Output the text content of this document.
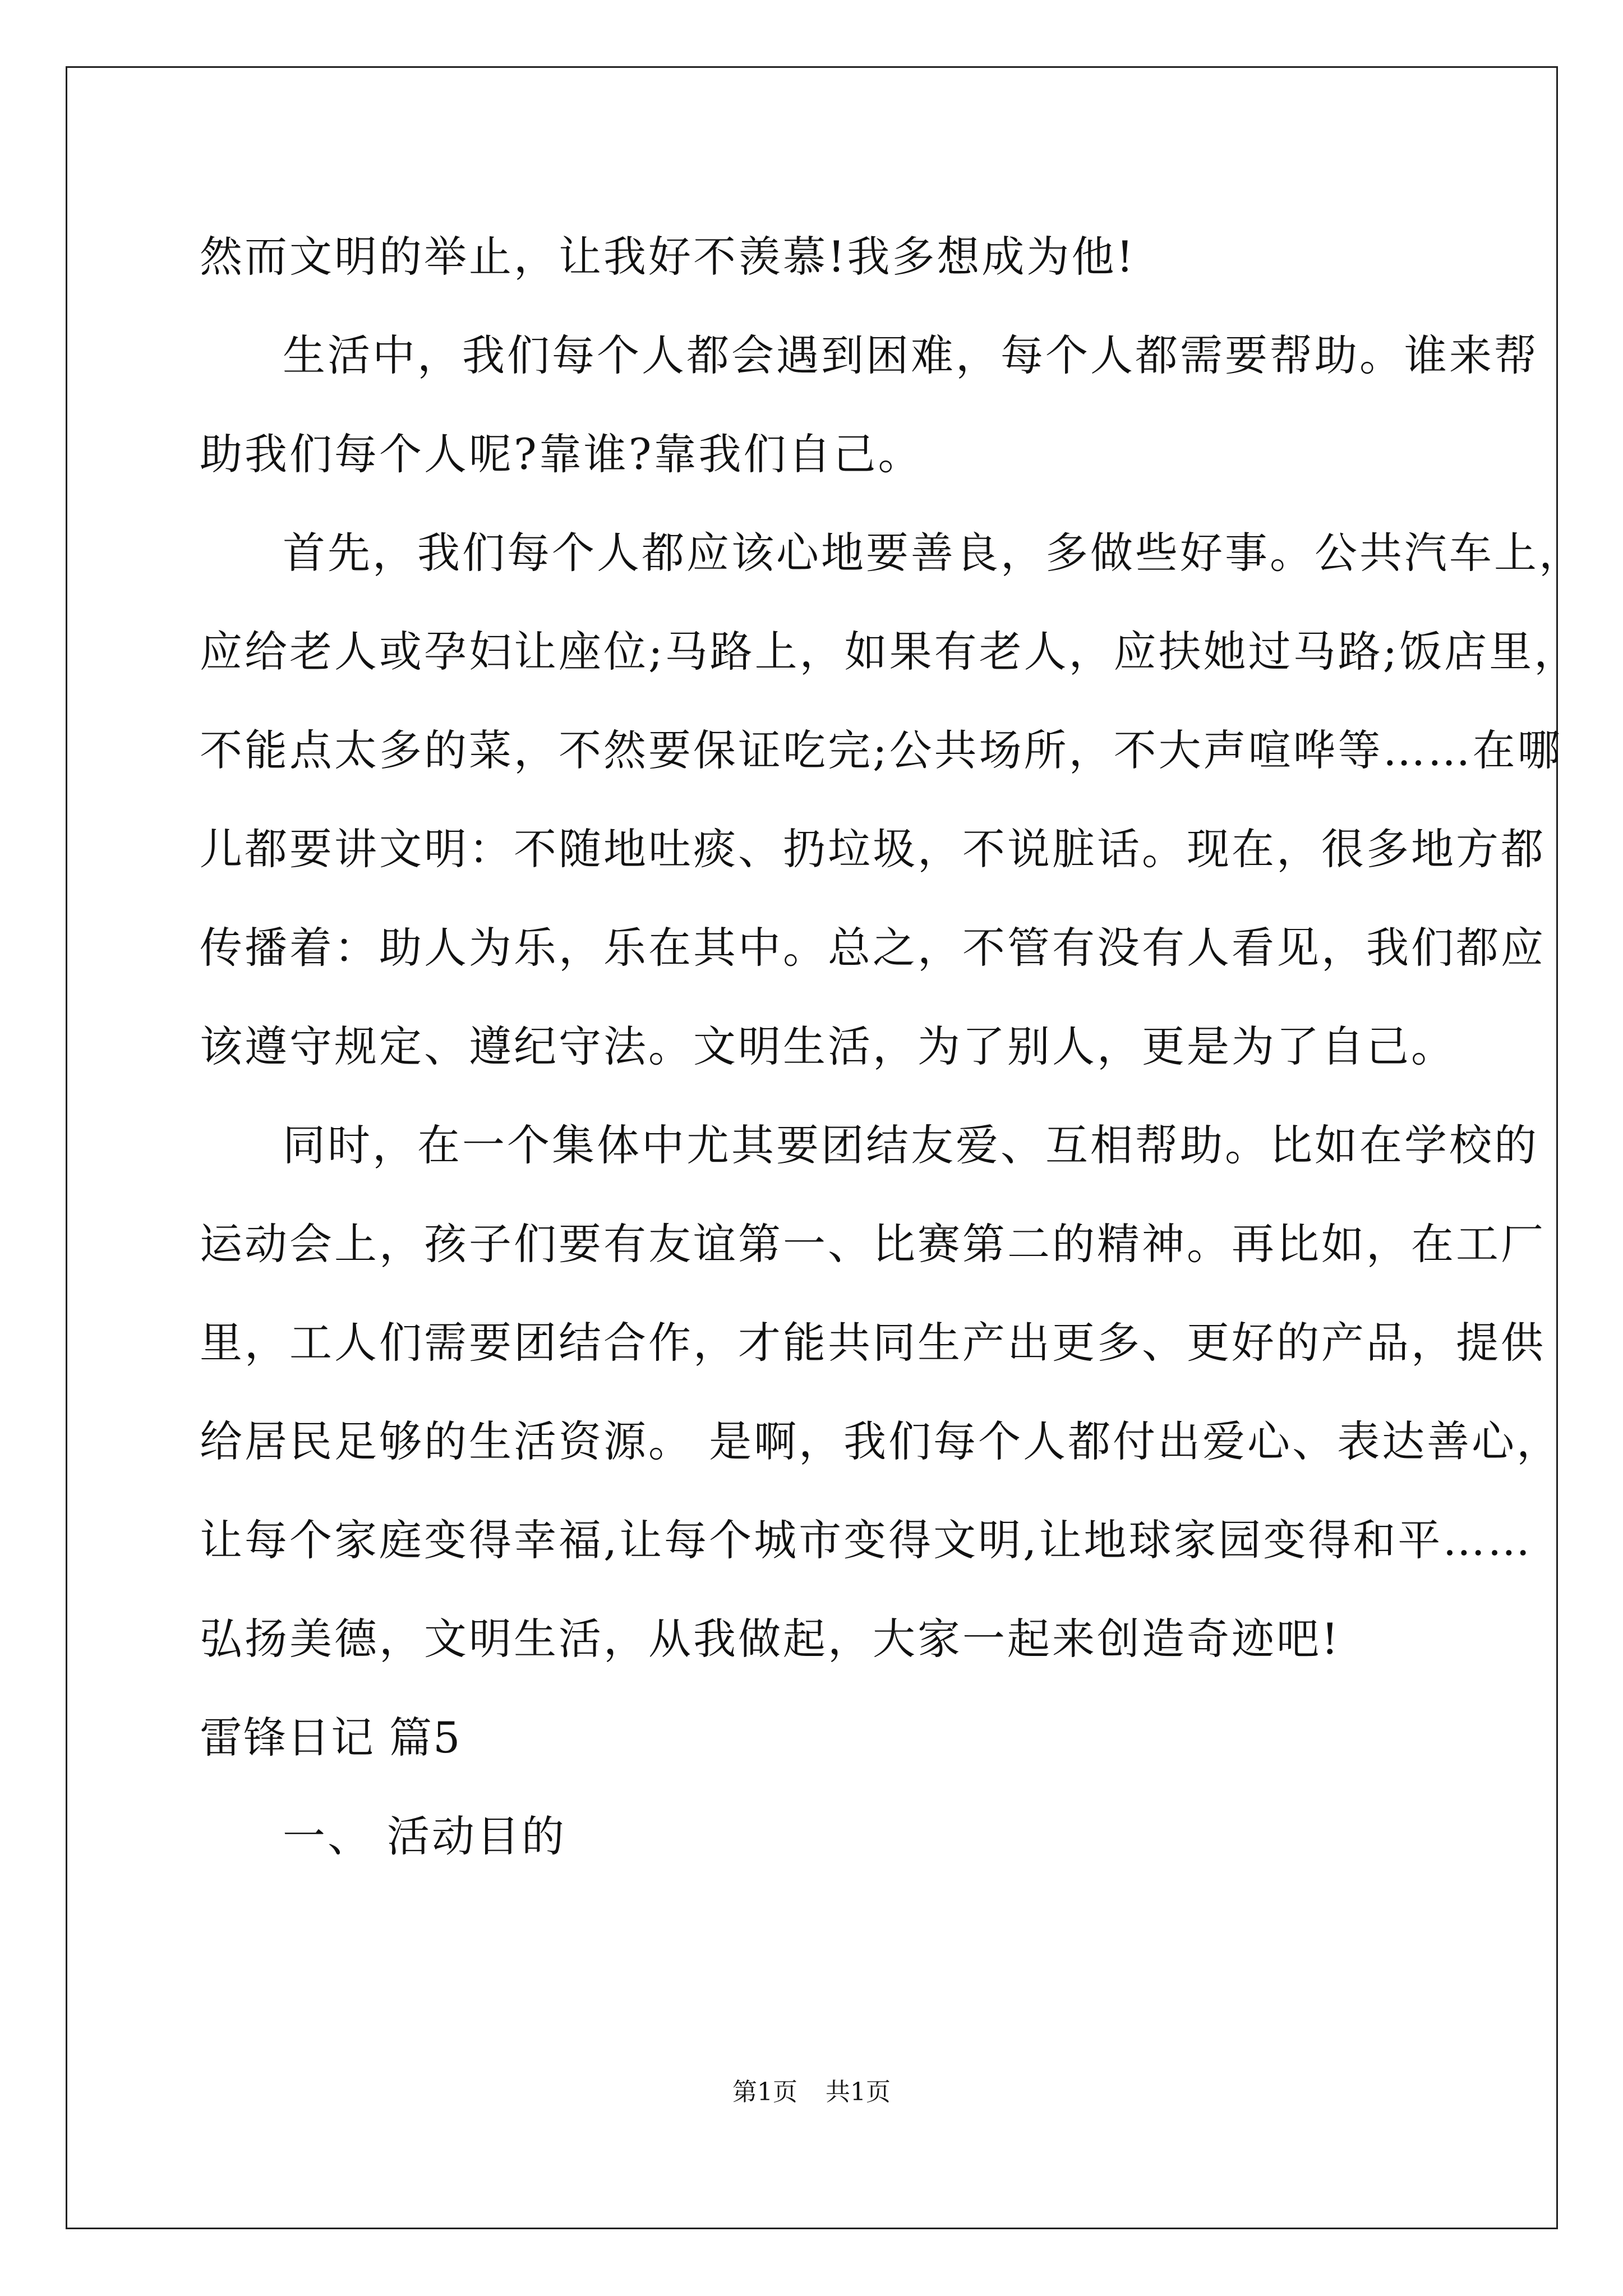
然而文明的举止，让我好不羡慕!我多想成为他!
生活中，我们每个人都会遇到困难，每个人都需要帮助。谁来帮
助我们每个人呢?靠谁?靠我们自己。
首先，我们每个人都应该心地要善良，多做些好事。公共汽车上，
应给老人或孕妇让座位;马路上，如果有老人，应扶她过马路;饭店里，
不能点太多的菜，不然要保证吃完;公共场所，不大声喧哗等……在哪
儿都要讲文明：不随地吐痰、扔垃圾，不说脏话。现在，很多地方都
传播着：助人为乐，乐在其中。总之，不管有没有人看见，我们都应
该遵守规定、遵纪守法。文明生活，为了别人，更是为了自己。
同时，在一个集体中尤其要团结友爱、互相帮助。比如在学校的
运动会上，孩子们要有友谊第一、比赛第二的精神。再比如，在工厂
里，工人们需要团结合作，才能共同生产出更多、更好的产品，提供
给居民足够的生活资源。 是啊，我们每个人都付出爱心、表达善心，
让每个家庭变得幸福,让每个城市变得文明,让地球家园变得和平……
弘扬美德，文明生活，从我做起，大家一起来创造奇迹吧!
雷锋日记 篇5
一、 活动目的
第1页 共1页
